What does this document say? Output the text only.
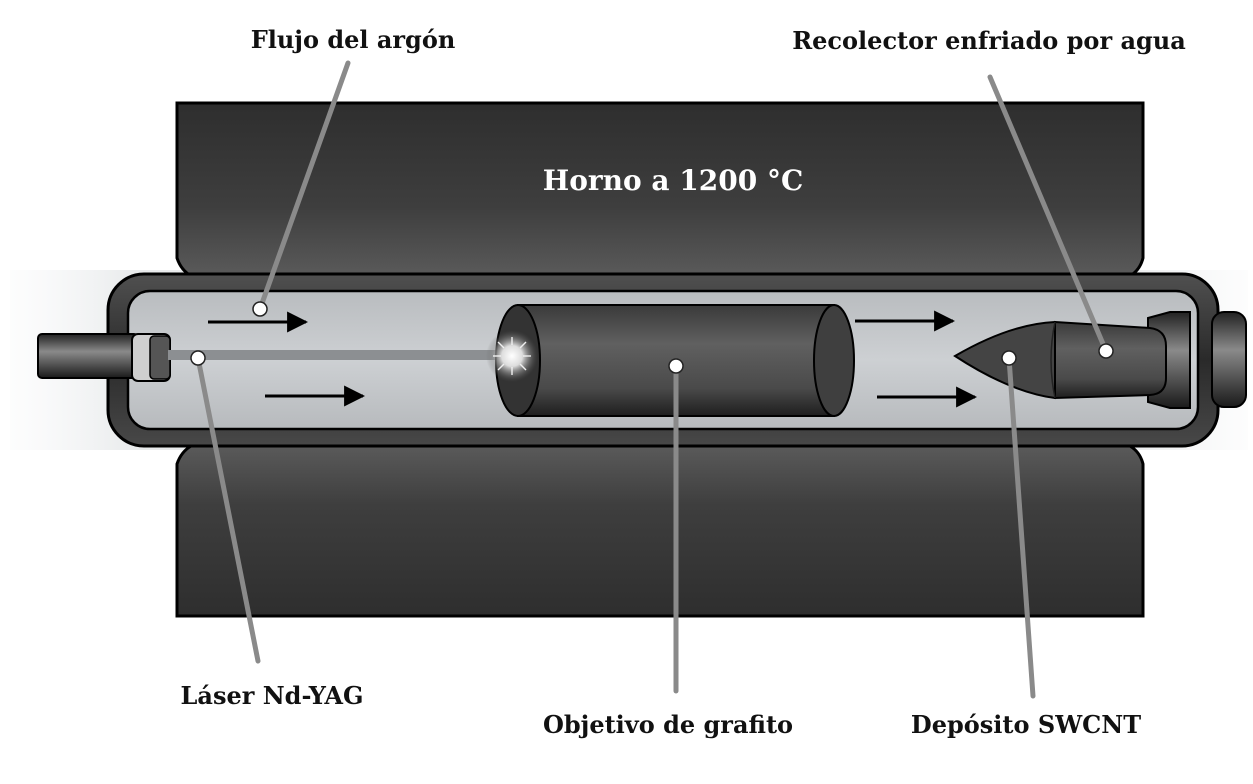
Horno a 1200 °C
Flujo del argón	Recolector enfriado por agua
Láser Nd-YAG
Objetivo de grafito	Depósito SWCNT
